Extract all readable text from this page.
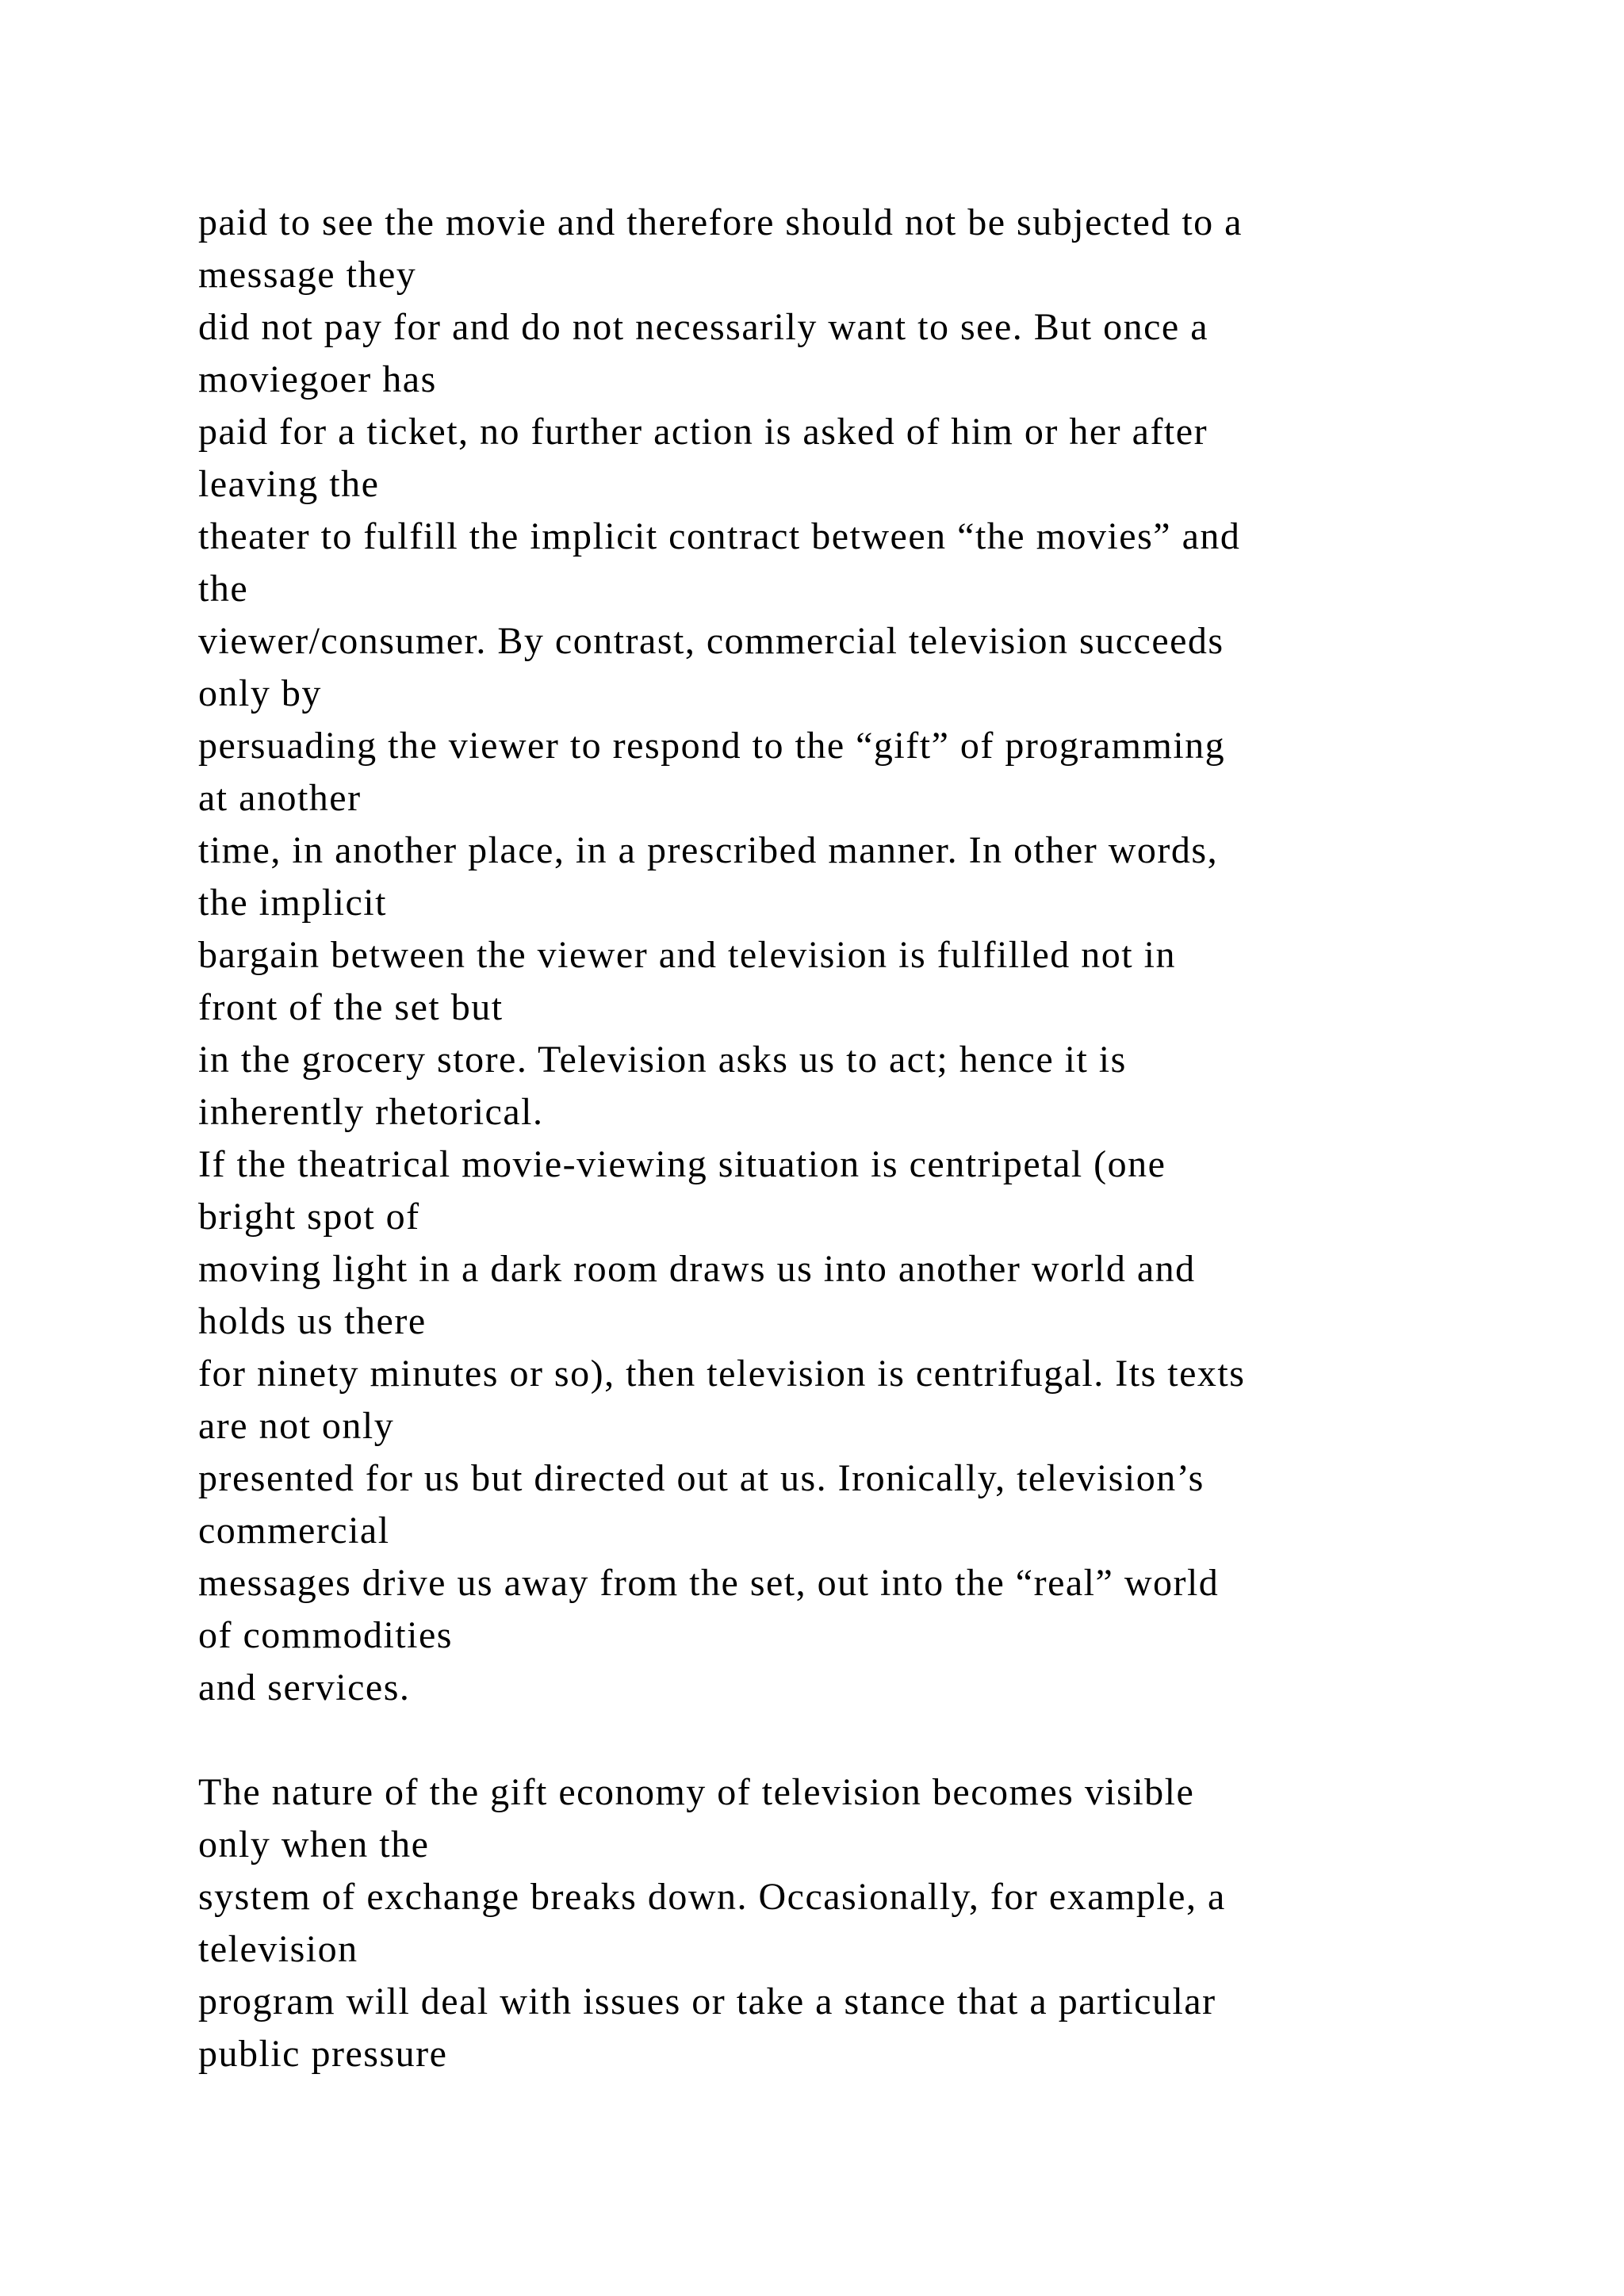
paid to see the movie and therefore should not be subjected to a
message they
did not pay for and do not necessarily want to see. But once a
moviegoer has
paid for a ticket, no further action is asked of him or her after
leaving the
theater to fulfill the implicit contract between “the movies” and
the
viewer/consumer. By contrast, commercial television succeeds
only by
persuading the viewer to respond to the “gift” of programming
at another
time, in another place, in a prescribed manner. In other words,
the implicit
bargain between the viewer and television is fulfilled not in
front of the set but
in the grocery store. Television asks us to act; hence it is
inherently rhetorical.
If the theatrical movie-viewing situation is centripetal (one
bright spot of
moving light in a dark room draws us into another world and
holds us there
for ninety minutes or so), then television is centrifugal. Its texts
are not only
presented for us but directed out at us. Ironically, television’s
commercial
messages drive us away from the set, out into the “real” world
of commodities
and services.
The nature of the gift economy of television becomes visible
only when the
system of exchange breaks down. Occasionally, for example, a
television
program will deal with issues or take a stance that a particular
public pressure
